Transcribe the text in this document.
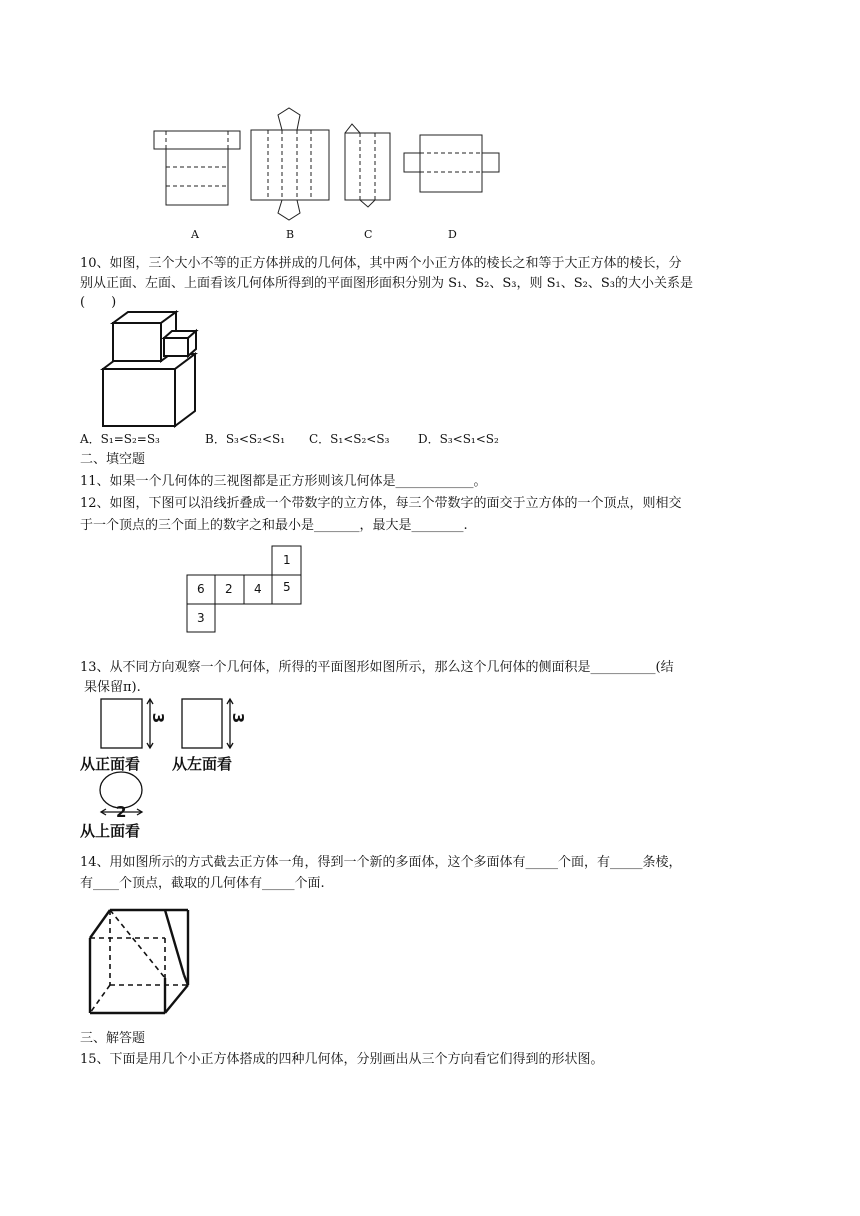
A	B	C	D
10、如图，三个大小不等的正方体拼成的几何体，其中两个小正方体的棱长之和等于大正方体的棱长，分
别从正面、左面、上面看该几何体所得到的平面图形面积分别为 S₁、S₂、S₃，则 S₁、S₂、S₃的大小关系是
(　　)
A．S₁=S₂=S₃	B．S₃<S₂<S₁ C．S₁<S₂<S₃ D．S₃<S₁<S₂
二、填空题
11、如果一个几何体的三视图都是正方形则该几何体是____________。
12、如图，下图可以沿线折叠成一个带数字的立方体，每三个带数字的面交于立方体的一个顶点，则相交
于一个顶点的三个面上的数字之和最小是_______，最大是________.
1
6 2 4 5
3
13、从不同方向观察一个几何体，所得的平面图形如图所示，那么这个几何体的侧面积是__________(结
果保留π).
3	3
2
从正面看 从左面看
从上面看
14、用如图所示的方式截去正方体一角，得到一个新的多面体，这个多面体有_____个面，有_____条棱，
有____个顶点，截取的几何体有_____个面.
三、解答题
15、下面是用几个小正方体搭成的四种几何体，分别画出从三个方向看它们得到的形状图。
